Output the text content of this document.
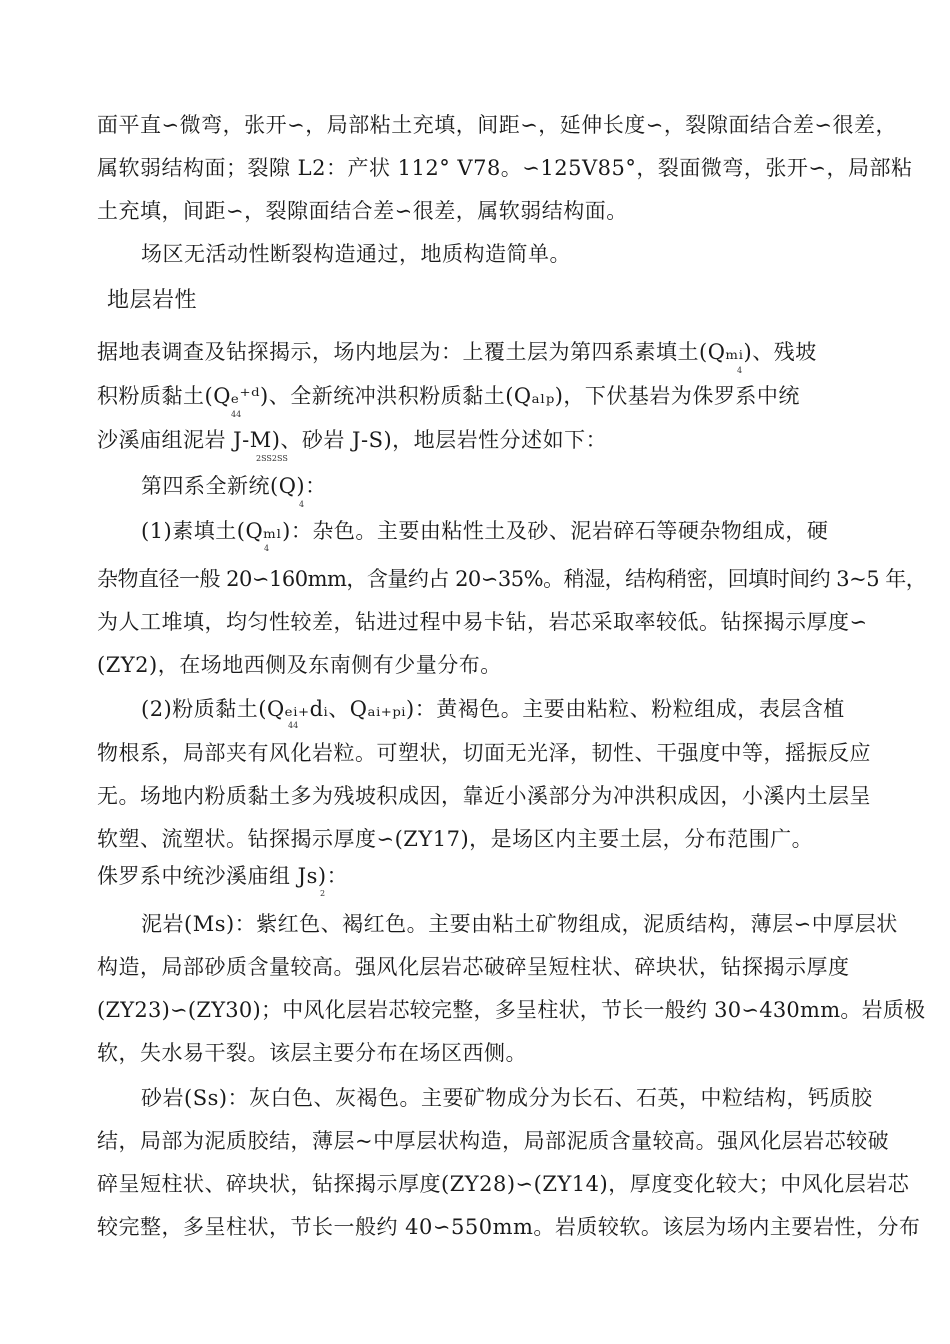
面平直∽微弯，张开∽，局部粘土充填，间距∽，延伸长度∽，裂隙面结合差∽很差，
属软弱结构面；裂隙 L2：产状 112° V78。∽125V85°，裂面微弯，张开∽，局部粘
土充填，间距∽，裂隙面结合差∽很差，属软弱结构面。
场区无活动性断裂构造通过，地质构造简单。
地层岩性
据地表调查及钻探揭示，场内地层为：上覆土层为第四系素填土(Qₘᵢ)、残坡
4
积粉质黏土(Qₑ⁺ᵈ)、全新统冲洪积粉质黏土(Qₐₗₚ)，下伏基岩为侏罗系中统
44
沙溪庙组泥岩 J-M)、砂岩 J-S)，地层岩性分述如下：
2SS2SS
第四系全新统(Q)：
4
(1)素填土(Qₘₗ)：杂色。主要由粘性土及砂、泥岩碎石等硬杂物组成，硬
4
杂物直径一般 20∽160mm，含量约占 20∽35%。稍湿，结构稍密，回填时间约 3~5 年，
为人工堆填，均匀性较差，钻进过程中易卡钻，岩芯采取率较低。钻探揭示厚度∽
(ZY2)，在场地西侧及东南侧有少量分布。
(2)粉质黏土(Qₑᵢ₊dᵢ、Qₐᵢ₊ₚᵢ)：黄褐色。主要由粘粒、粉粒组成，表层含植
44
物根系，局部夹有风化岩粒。可塑状，切面无光泽，韧性、干强度中等，摇振反应
无。场地内粉质黏土多为残坡积成因，靠近小溪部分为冲洪积成因，小溪内土层呈
软塑、流塑状。钻探揭示厚度∽(ZY17)，是场区内主要土层，分布范围广。
侏罗系中统沙溪庙组 Js)：
2
泥岩(Ms)：紫红色、褐红色。主要由粘土矿物组成，泥质结构，薄层∽中厚层状
构造，局部砂质含量较高。强风化层岩芯破碎呈短柱状、碎块状，钻探揭示厚度
(ZY23)∽(ZY30)；中风化层岩芯较完整，多呈柱状，节长一般约 30∽430mm。岩质极
软，失水易干裂。该层主要分布在场区西侧。
砂岩(Ss)：灰白色、灰褐色。主要矿物成分为长石、石英，中粒结构，钙质胶
结，局部为泥质胶结，薄层~中厚层状构造，局部泥质含量较高。强风化层岩芯较破
碎呈短柱状、碎块状，钻探揭示厚度(ZY28)∽(ZY14)，厚度变化较大；中风化层岩芯
较完整，多呈柱状，节长一般约 40∽550mm。岩质较软。该层为场内主要岩性，分布
